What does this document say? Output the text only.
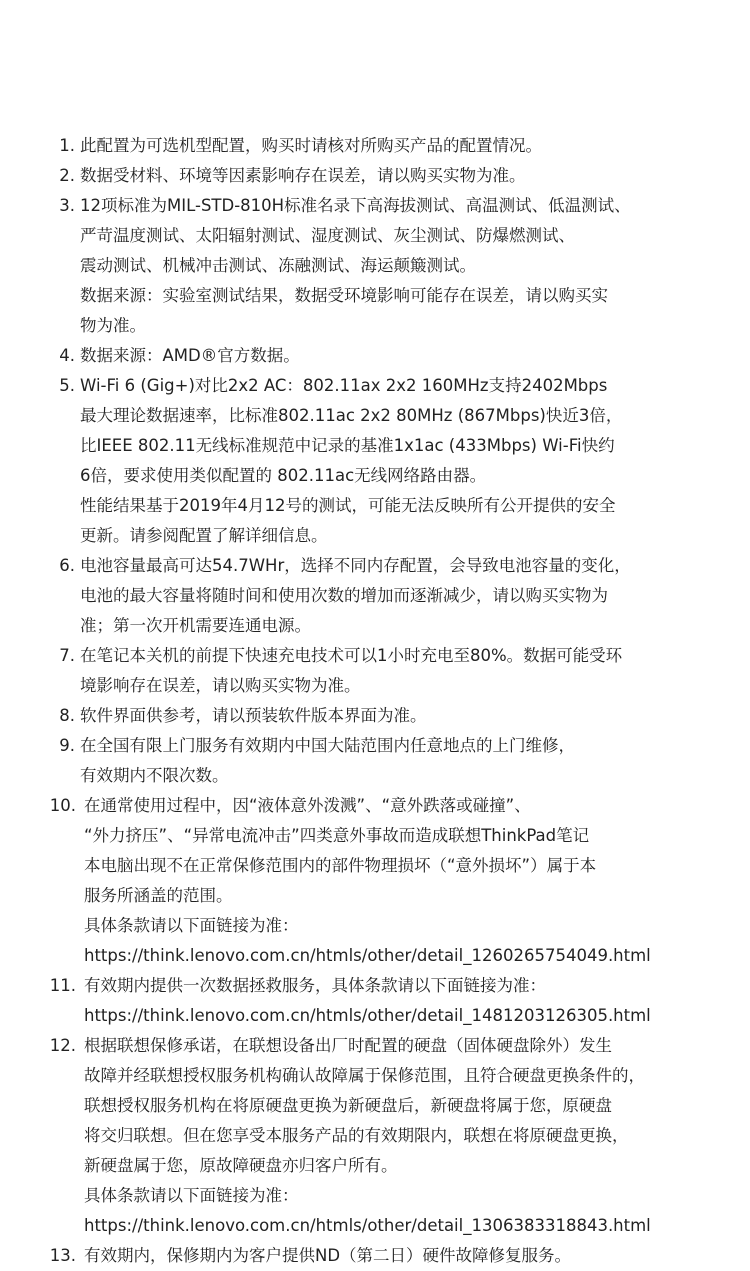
1. 此配置为可选机型配置，购买时请核对所购买产品的配置情况。
2. 数据受材料、环境等因素影响存在误差，请以购买实物为准。
3. 12项标准为MIL-STD-810H标准名录下高海拔测试、高温测试、低温测试、
严苛温度测试、太阳辐射测试、湿度测试、灰尘测试、防爆燃测试、
震动测试、机械冲击测试、冻融测试、海运颠簸测试。
数据来源：实验室测试结果，数据受环境影响可能存在误差，请以购买实
物为准。
4. 数据来源：AMD®官方数据。
5. Wi-Fi 6 (Gig+)对比2x2 AC：802.11ax 2x2 160MHz支持2402Mbps
最大理论数据速率，比标准802.11ac 2x2 80MHz (867Mbps)快近3倍，
比IEEE 802.11无线标准规范中记录的基准1x1ac (433Mbps) Wi-Fi快约
6倍，要求使用类似配置的 802.11ac无线网络路由器。
性能结果基于2019年4月12号的测试，可能无法反映所有公开提供的安全
更新。请参阅配置了解详细信息。
6. 电池容量最高可达54.7WHr，选择不同内存配置，会导致电池容量的变化，
电池的最大容量将随时间和使用次数的增加而逐渐减少，请以购买实物为
准；第一次开机需要连通电源。
7. 在笔记本关机的前提下快速充电技术可以1小时充电至80%。数据可能受环
境影响存在误差，请以购买实物为准。
8. 软件界面供参考，请以预装软件版本界面为准。
9. 在全国有限上门服务有效期内中国大陆范围内任意地点的上门维修，
有效期内不限次数。
10. 在通常使用过程中，因“液体意外泼溅”、“意外跌落或碰撞”、
“外力挤压”、“异常电流冲击”四类意外事故而造成联想ThinkPad笔记
本电脑出现不在正常保修范围内的部件物理损坏（“意外损坏”）属于本
服务所涵盖的范围。
具体条款请以下面链接为准：
https://think.lenovo.com.cn/htmls/other/detail_1260265754049.html
11. 有效期内提供一次数据拯救服务，具体条款请以下面链接为准：
https://think.lenovo.com.cn/htmls/other/detail_1481203126305.html
12. 根据联想保修承诺，在联想设备出厂时配置的硬盘（固体硬盘除外）发生
故障并经联想授权服务机构确认故障属于保修范围，且符合硬盘更换条件的，
联想授权服务机构在将原硬盘更换为新硬盘后，新硬盘将属于您，原硬盘
将交归联想。但在您享受本服务产品的有效期限内，联想在将原硬盘更换，
新硬盘属于您，原故障硬盘亦归客户所有。
具体条款请以下面链接为准：
https://think.lenovo.com.cn/htmls/other/detail_1306383318843.html
13. 有效期内，保修期内为客户提供ND（第二日）硬件故障修复服务。
